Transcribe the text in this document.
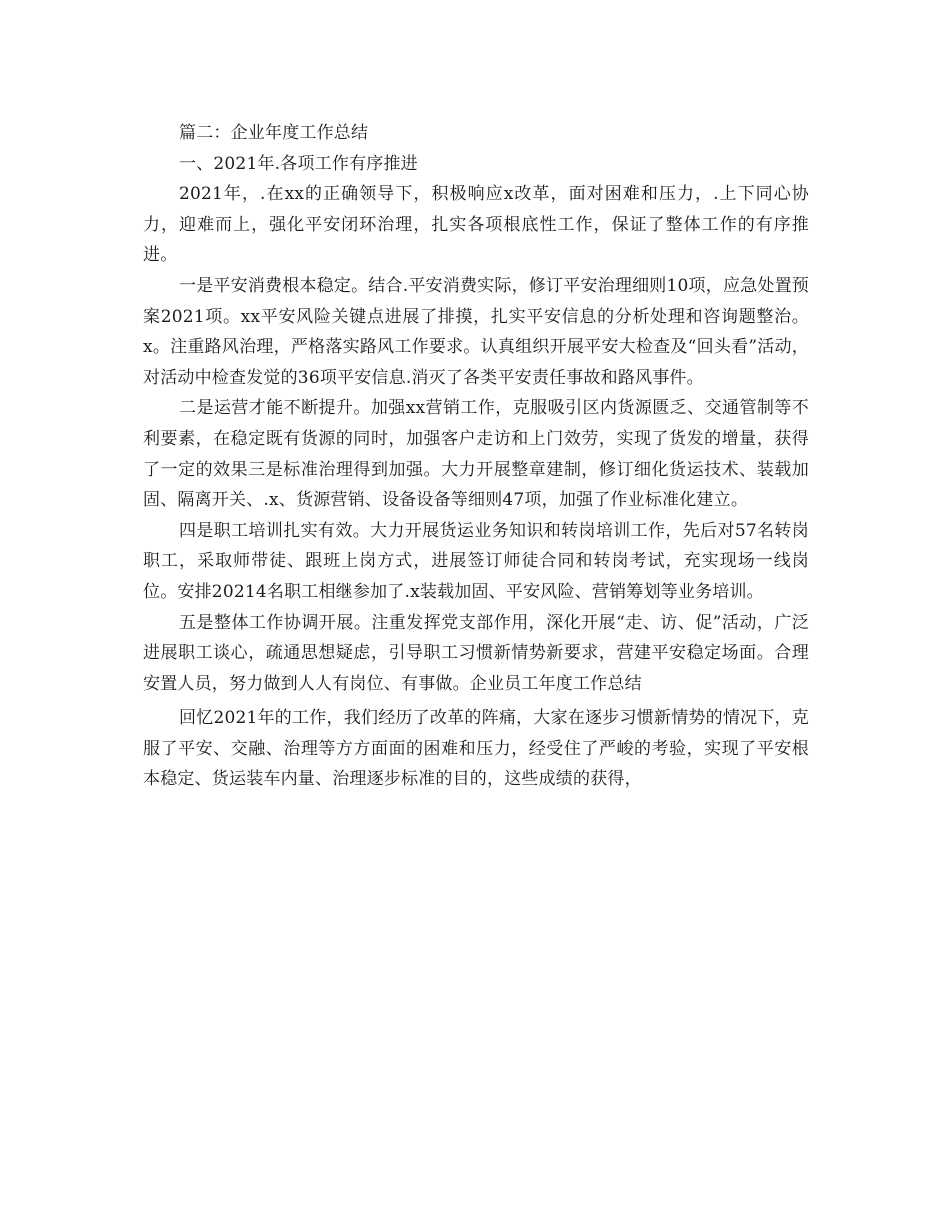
篇二：企业年度工作总结

一、2021年.各项工作有序推进

2021年，.在xx的正确领导下，积极响应x改革，面对困难和压力，.上下同心协力，迎难而上，强化平安闭环治理，扎实各项根底性工作，保证了整体工作的有序推进。

一是平安消费根本稳定。结合.平安消费实际，修订平安治理细则10项，应急处置预案2021项。xx平安风险关键点进展了排摸，扎实平安信息的分析处理和咨询题整治。x。注重路风治理，严格落实路风工作要求。认真组织开展平安大检查及“回头看”活动，对活动中检查发觉的36项平安信息.消灭了各类平安责任事故和路风事件。

二是运营才能不断提升。加强xx营销工作，克服吸引区内货源匮乏、交通管制等不利要素，在稳定既有货源的同时，加强客户走访和上门效劳，实现了货发的增量，获得了一定的效果三是标准治理得到加强。大力开展整章建制，修订细化货运技术、装载加固、隔离开关、.x、货源营销、设备设备等细则47项，加强了作业标准化建立。

四是职工培训扎实有效。大力开展货运业务知识和转岗培训工作，先后对57名转岗职工，采取师带徒、跟班上岗方式，进展签订师徒合同和转岗考试，充实现场一线岗位。安排20214名职工相继参加了.x装载加固、平安风险、营销筹划等业务培训。

五是整体工作协调开展。注重发挥党支部作用，深化开展“走、访、促”活动，广泛进展职工谈心，疏通思想疑虑，引导职工习惯新情势新要求，营建平安稳定场面。合理安置人员，努力做到人人有岗位、有事做。企业员工年度工作总结

回忆2021年的工作，我们经历了改革的阵痛，大家在逐步习惯新情势的情况下，克服了平安、交融、治理等方方面面的困难和压力，经受住了严峻的考验，实现了平安根本稳定、货运装车内量、治理逐步标准的目的，这些成绩的获得，
